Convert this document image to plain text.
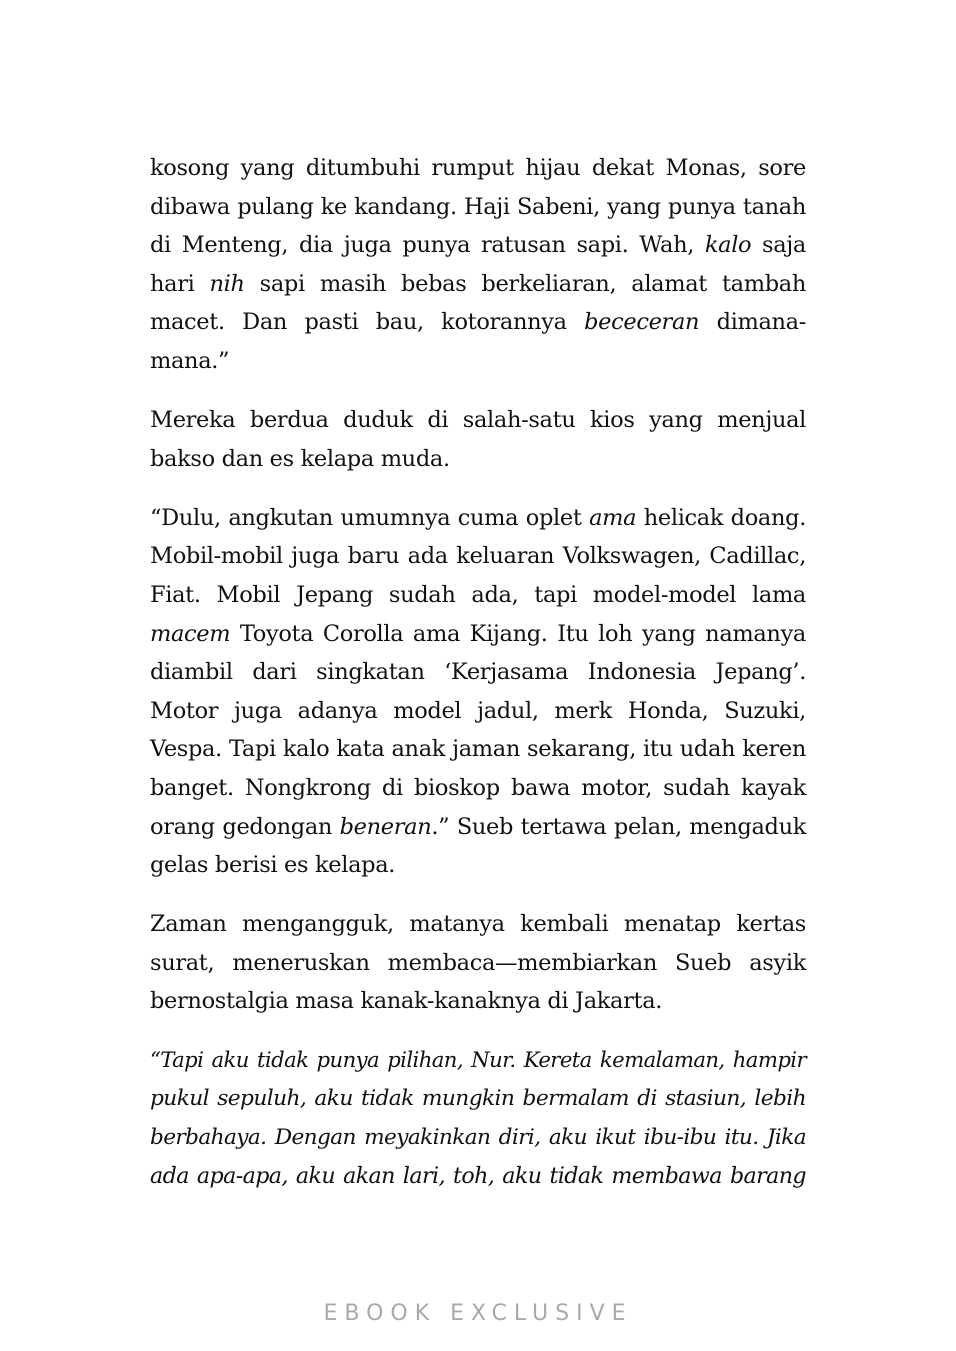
kosong yang ditumbuhi rumput hijau dekat Monas, sore
dibawa pulang ke kandang. Haji Sabeni, yang punya tanah
di Menteng, dia juga punya ratusan sapi. Wah, kalo saja
hari nih sapi masih bebas berkeliaran, alamat tambah
macet. Dan pasti bau, kotorannya bececeran dimana-
mana.”
Mereka berdua duduk di salah-satu kios yang menjual
bakso dan es kelapa muda.
“Dulu, angkutan umumnya cuma oplet ama helicak doang.
Mobil-mobil juga baru ada keluaran Volkswagen, Cadillac,
Fiat. Mobil Jepang sudah ada, tapi model-model lama
macem Toyota Corolla ama Kijang. Itu loh yang namanya
diambil dari singkatan ‘Kerjasama Indonesia Jepang’.
Motor juga adanya model jadul, merk Honda, Suzuki,
Vespa. Tapi kalo kata anak jaman sekarang, itu udah keren
banget. Nongkrong di bioskop bawa motor, sudah kayak
orang gedongan beneran.” Sueb tertawa pelan, mengaduk
gelas berisi es kelapa.
Zaman mengangguk, matanya kembali menatap kertas
surat, meneruskan membaca—membiarkan Sueb asyik
bernostalgia masa kanak-kanaknya di Jakarta.
“Tapi aku tidak punya pilihan, Nur. Kereta kemalaman, hampir
pukul sepuluh, aku tidak mungkin bermalam di stasiun, lebih
berbahaya. Dengan meyakinkan diri, aku ikut ibu-ibu itu. Jika
ada apa-apa, aku akan lari, toh, aku tidak membawa barang
EBOOK EXCLUSIVE
